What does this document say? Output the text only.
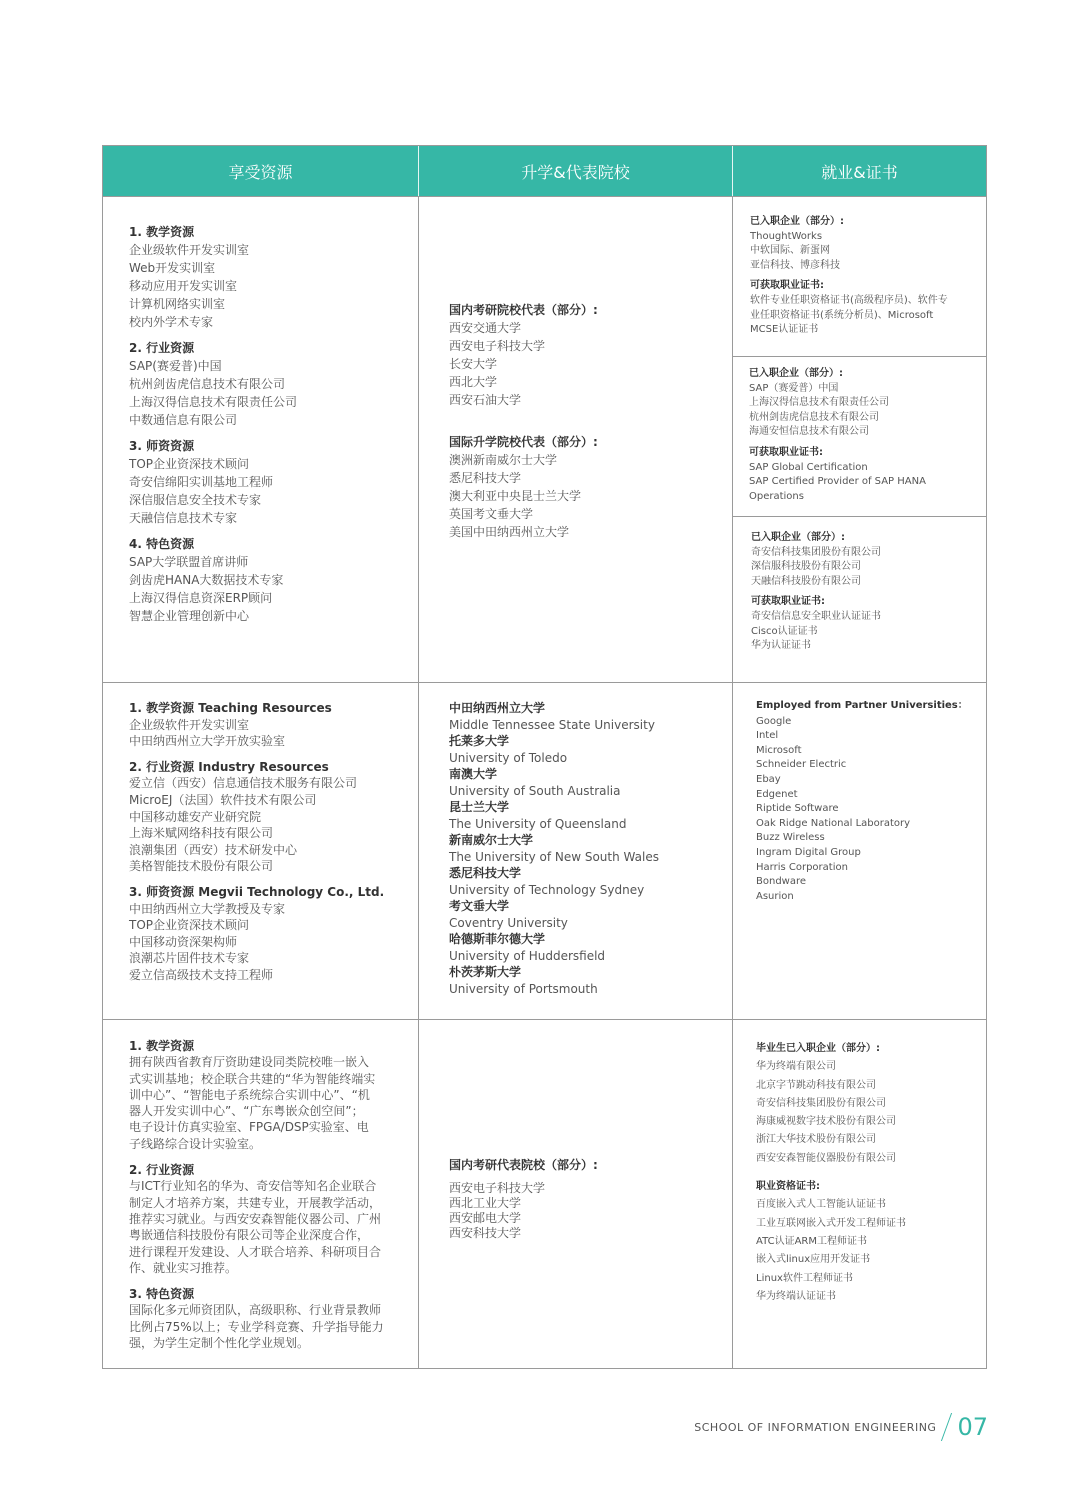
享受资源	升学&代表院校	就业&证书
1. 教学资源
企业级软件开发实训室
Web开发实训室
移动应用开发实训室
计算机网络实训室
校内外学术专家
2. 行业资源
SAP(赛爱普)中国
杭州剑齿虎信息技术有限公司
上海汉得信息技术有限责任公司
中数通信息有限公司
3. 师资资源
TOP企业资深技术顾问
奇安信绵阳实训基地工程师
深信服信息安全技术专家
天融信信息技术专家
4. 特色资源
SAP大学联盟首席讲师
剑齿虎HANA大数据技术专家
上海汉得信息资深ERP顾问
智慧企业管理创新中心
国内考研院校代表（部分）:
西安交通大学
西安电子科技大学
长安大学
西北大学
西安石油大学
国际升学院校代表（部分）:
澳洲新南威尔士大学
悉尼科技大学
澳大利亚中央昆士兰大学
英国考文垂大学
美国中田纳西州立大学
已入职企业（部分）:
ThoughtWorks
中软国际、新蛋网
亚信科技、博彦科技
可获取职业证书:
软件专业任职资格证书(高级程序员)、软件专
业任职资格证书(系统分析员)、Microsoft
MCSE认证证书
已入职企业（部分）:
SAP（赛爱普）中国
上海汉得信息技术有限责任公司
杭州剑齿虎信息技术有限公司
海通安恒信息技术有限公司
可获取职业证书:
SAP Global Certification
SAP Certified Provider of SAP HANA
Operations
已入职企业（部分）:
奇安信科技集团股份有限公司
深信服科技股份有限公司
天融信科技股份有限公司
可获取职业证书:
奇安信信息安全职业认证证书
Cisco认证证书
华为认证证书
1. 教学资源 Teaching Resources
企业级软件开发实训室
中田纳西州立大学开放实验室
2. 行业资源 Industry Resources
爱立信（西安）信息通信技术服务有限公司
MicroEJ（法国）软件技术有限公司
中国移动雄安产业研究院
上海米赋网络科技有限公司
浪潮集团（西安）技术研发中心
美格智能技术股份有限公司
3. 师资资源 Megvii Technology Co., Ltd.
中田纳西州立大学教授及专家
TOP企业资深技术顾问
中国移动资深架构师
浪潮芯片固件技术专家
爱立信高级技术支持工程师
中田纳西州立大学
Middle Tennessee State University
托莱多大学
University of Toledo
南澳大学
University of South Australia
昆士兰大学
The University of Queensland
新南威尔士大学
The University of New South Wales
悉尼科技大学
University of Technology Sydney
考文垂大学
Coventry University
哈德斯菲尔德大学
University of Huddersfield
朴茨茅斯大学
University of Portsmouth
Employed from Partner Universities：
Google
Intel
Microsoft
Schneider Electric
Ebay
Edgenet
Riptide Software
Oak Ridge National Laboratory
Buzz Wireless
Ingram Digital Group
Harris Corporation
Bondware
Asurion
1. 教学资源
拥有陕西省教育厅资助建设同类院校唯一嵌入
式实训基地；校企联合共建的“华为智能终端实
训中心”、“智能电子系统综合实训中心”、“机
器人开发实训中心”、“广东粤嵌众创空间”；
电子设计仿真实验室、FPGA/DSP实验室、电
子线路综合设计实验室。
2. 行业资源
与ICT行业知名的华为、奇安信等知名企业联合
制定人才培养方案，共建专业，开展教学活动，
推荐实习就业。与西安安森智能仪器公司、广州
粤嵌通信科技股份有限公司等企业深度合作，
进行课程开发建设、人才联合培养、科研项目合
作、就业实习推荐。
3. 特色资源
国际化多元师资团队，高级职称、行业背景教师
比例占75%以上；专业学科竞赛、升学指导能力
强，为学生定制个性化学业规划。
国内考研代表院校（部分）:
西安电子科技大学
西北工业大学
西安邮电大学
西安科技大学
毕业生已入职企业（部分）:
华为终端有限公司
北京字节跳动科技有限公司
奇安信科技集团股份有限公司
海康威视数字技术股份有限公司
浙江大华技术股份有限公司
西安安森智能仪器股份有限公司
职业资格证书:
百度嵌入式人工智能认证证书
工业互联网嵌入式开发工程师证书
ATC认证ARM工程师证书
嵌入式linux应用开发证书
Linux软件工程师证书
华为终端认证证书
SCHOOL OF INFORMATION ENGINEERING 07
